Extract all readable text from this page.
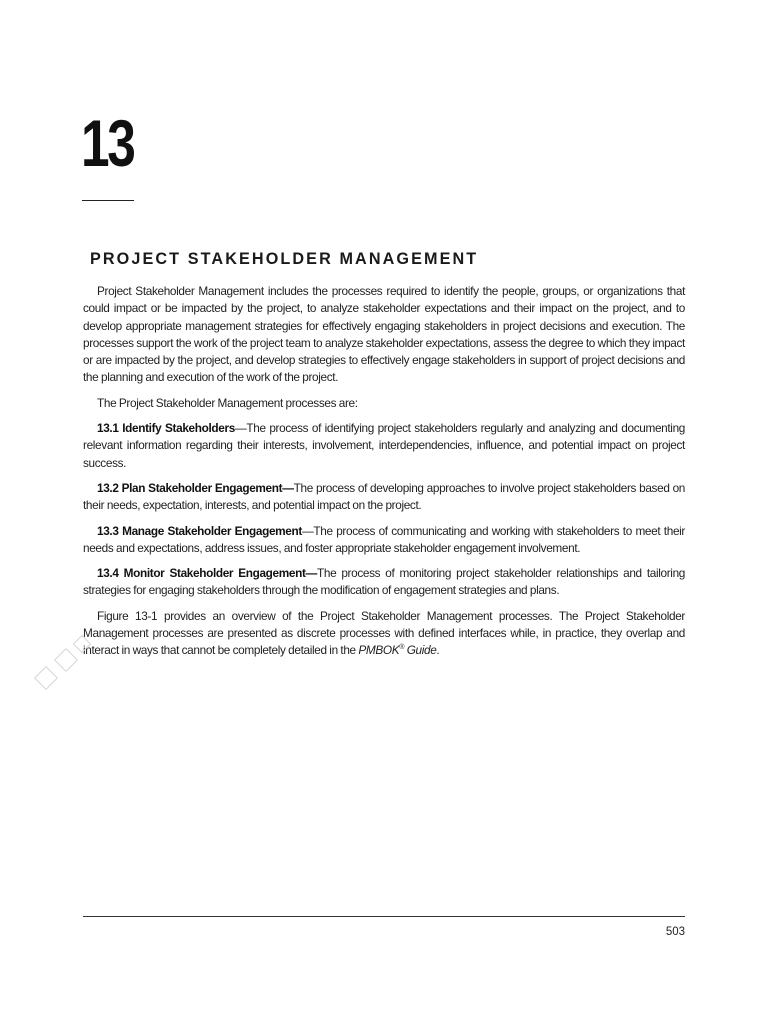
13
PROJECT STAKEHOLDER MANAGEMENT

Project Stakeholder Management includes the processes required to identify the people, groups, or organizations that could impact or be impacted by the project, to analyze stakeholder expectations and their impact on the project, and to develop appropriate management strategies for effectively engaging stakeholders in project decisions and execution. The processes support the work of the project team to analyze stakeholder expectations, assess the degree to which they impact or are impacted by the project, and develop strategies to effectively engage stakeholders in support of project decisions and the planning and execution of the work of the project.

The Project Stakeholder Management processes are:

13.1 Identify Stakeholders—The process of identifying project stakeholders regularly and analyzing and documenting relevant information regarding their interests, involvement, interdependencies, influence, and potential impact on project success.

13.2 Plan Stakeholder Engagement—The process of developing approaches to involve project stakeholders based on their needs, expectation, interests, and potential impact on the project.

13.3 Manage Stakeholder Engagement—The process of communicating and working with stakeholders to meet their needs and expectations, address issues, and foster appropriate stakeholder engagement involvement.

13.4 Monitor Stakeholder Engagement—The process of monitoring project stakeholder relationships and tailoring strategies for engaging stakeholders through the modification of engagement strategies and plans.

Figure 13-1 provides an overview of the Project Stakeholder Management processes. The Project Stakeholder Management processes are presented as discrete processes with defined interfaces while, in practice, they overlap and interact in ways that cannot be completely detailed in the PMBOK® Guide.

503
